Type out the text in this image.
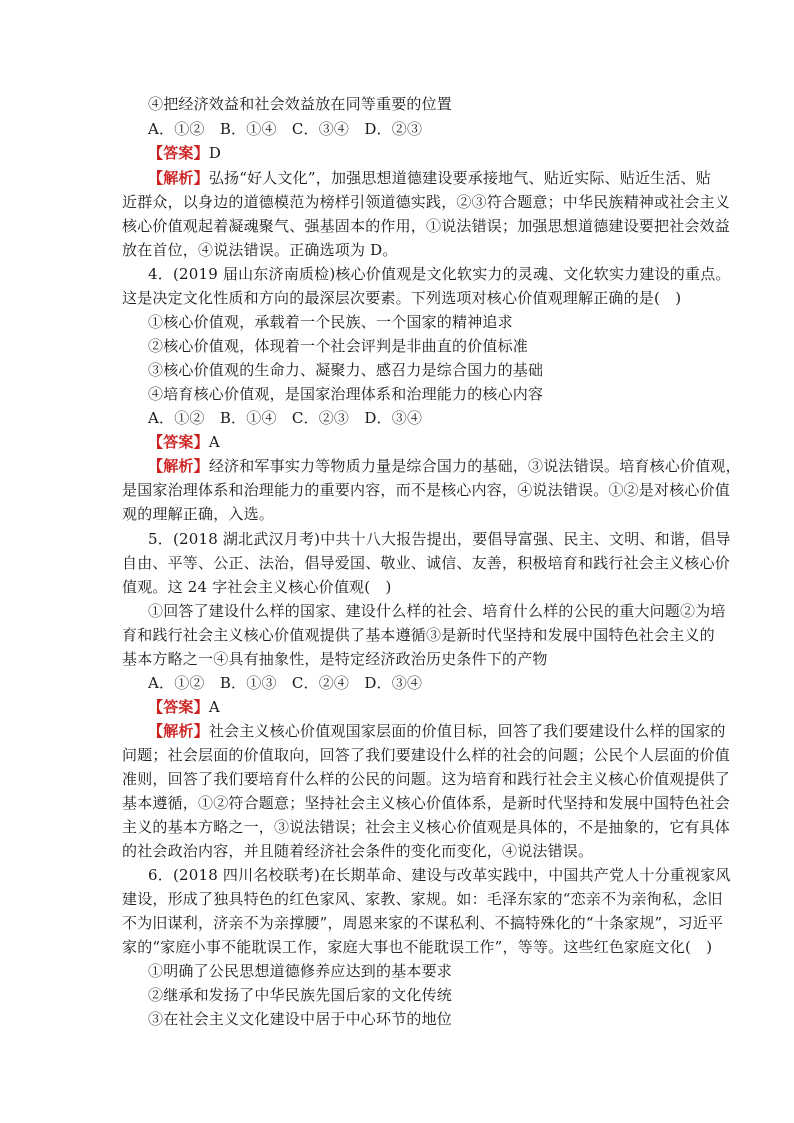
④把经济效益和社会效益放在同等重要的位置
A．①②　B．①④　C．③④　D．②③
【答案】D
【解析】弘扬“好人文化”，加强思想道德建设要承接地气、贴近实际、贴近生活、贴
近群众，以身边的道德模范为榜样引领道德实践，②③符合题意；中华民族精神或社会主义
核心价值观起着凝魂聚气、强基固本的作用，①说法错误；加强思想道德建设要把社会效益
放在首位，④说法错误。正确选项为 D。
4．(2019 届山东济南质检)核心价值观是文化软实力的灵魂、文化软实力建设的重点。
这是决定文化性质和方向的最深层次要素。下列选项对核心价值观理解正确的是(　)
①核心价值观，承载着一个民族、一个国家的精神追求
②核心价值观，体现着一个社会评判是非曲直的价值标准
③核心价值观的生命力、凝聚力、感召力是综合国力的基础
④培育核心价值观，是国家治理体系和治理能力的核心内容
A．①②　B．①④　C．②③　D．③④
【答案】A
【解析】经济和军事实力等物质力量是综合国力的基础，③说法错误。培育核心价值观，
是国家治理体系和治理能力的重要内容，而不是核心内容，④说法错误。①②是对核心价值
观的理解正确，入选。
5．(2018 湖北武汉月考)中共十八大报告提出，要倡导富强、民主、文明、和谐，倡导
自由、平等、公正、法治，倡导爱国、敬业、诚信、友善，积极培育和践行社会主义核心价
值观。这 24 字社会主义核心价值观(　)
①回答了建设什么样的国家、建设什么样的社会、培育什么样的公民的重大问题②为培
育和践行社会主义核心价值观提供了基本遵循③是新时代坚持和发展中国特色社会主义的
基本方略之一④具有抽象性，是特定经济政治历史条件下的产物
A．①②　B．①③　C．②④　D．③④
【答案】A
【解析】社会主义核心价值观国家层面的价值目标，回答了我们要建设什么样的国家的
问题；社会层面的价值取向，回答了我们要建设什么样的社会的问题；公民个人层面的价值
准则，回答了我们要培育什么样的公民的问题。这为培育和践行社会主义核心价值观提供了
基本遵循，①②符合题意；坚持社会主义核心价值体系，是新时代坚持和发展中国特色社会
主义的基本方略之一，③说法错误；社会主义核心价值观是具体的，不是抽象的，它有具体
的社会政治内容，并且随着经济社会条件的变化而变化，④说法错误。
6．(2018 四川名校联考)在长期革命、建设与改革实践中，中国共产党人十分重视家风
建设，形成了独具特色的红色家风、家教、家规。如：毛泽东家的“恋亲不为亲徇私，念旧
不为旧谋利，济亲不为亲撑腰”，周恩来家的不谋私利、不搞特殊化的“十条家规”，习近平
家的“家庭小事不能耽误工作，家庭大事也不能耽误工作”，等等。这些红色家庭文化(　)
①明确了公民思想道德修养应达到的基本要求
②继承和发扬了中华民族先国后家的文化传统
③在社会主义文化建设中居于中心环节的地位
